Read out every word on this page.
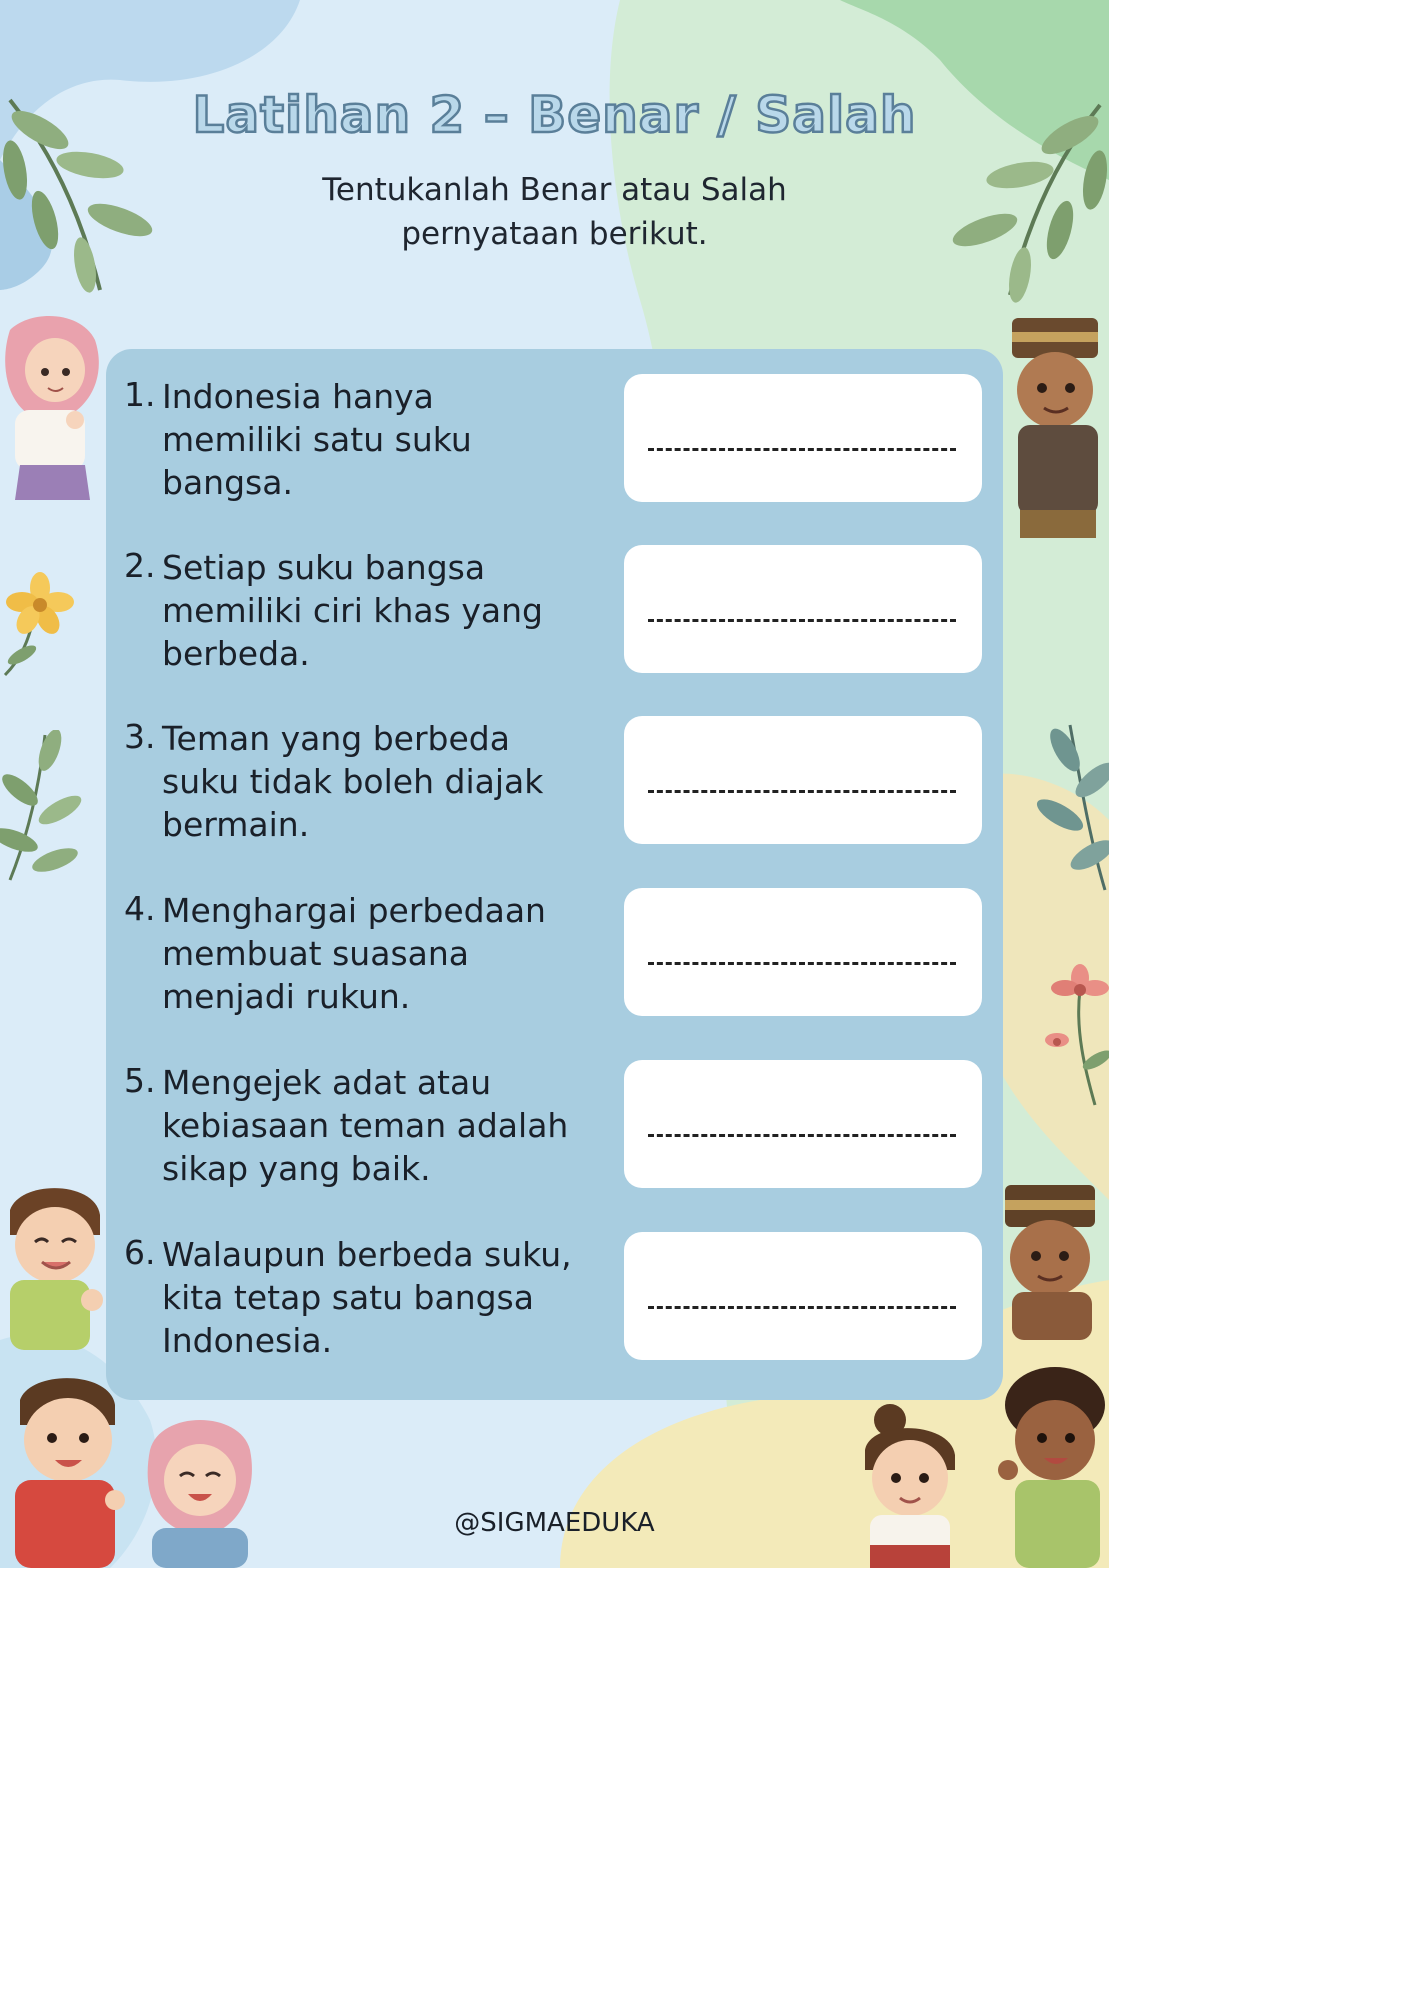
Latihan 2 – Benar / Salah
Tentukanlah Benar atau Salah
pernyataan berikut.
1. Indonesia hanya
memiliki satu suku
bangsa.
2. Setiap suku bangsa
memiliki ciri khas yang
berbeda.
3. Teman yang berbeda
suku tidak boleh diajak
bermain.
4. Menghargai perbedaan
membuat suasana
menjadi rukun.
5. Mengejek adat atau
kebiasaan teman adalah
sikap yang baik.
6. Walaupun berbeda suku,
kita tetap satu bangsa
Indonesia.
@SIGMAEDUKA
